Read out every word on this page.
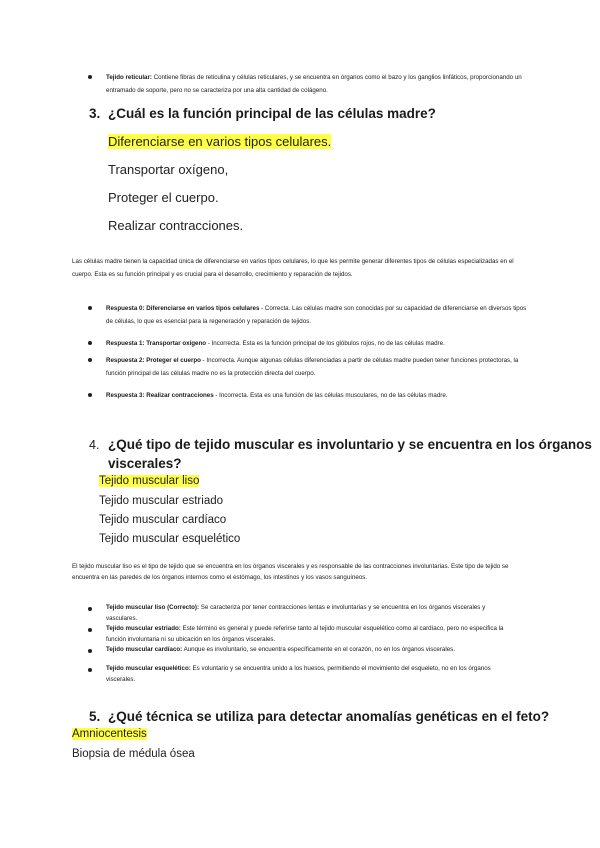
Tejido reticular: Contiene fibras de reticulina y células reticulares, y se encuentra en órganos como el bazo y los ganglios linfáticos, proporcionando un entramado de soporte, pero no se caracteriza por una alta cantidad de colágeno.
3. ¿Cuál es la función principal de las células madre?
Diferenciarse en varios tipos celulares.
Transportar oxígeno,
Proteger el cuerpo.
Realizar contracciones.
Las células madre tienen la capacidad única de diferenciarse en varios tipos celulares, lo que les permite generar diferentes tipos de células especializadas en el cuerpo. Esta es su función principal y es crucial para el desarrollo, crecimiento y reparación de tejidos.
Respuesta 0: Diferenciarse en varios tipos celulares - Correcta. Las células madre son conocidas por su capacidad de diferenciarse en diversos tipos de células, lo que es esencial para la regeneración y reparación de tejidos.
Respuesta 1: Transportar oxígeno - Incorrecta. Esta es la función principal de los glóbulos rojos, no de las células madre.
Respuesta 2: Proteger el cuerpo - Incorrecta. Aunque algunas células diferenciadas a partir de células madre pueden tener funciones protectoras, la función principal de las células madre no es la protección directa del cuerpo.
Respuesta 3: Realizar contracciones - Incorrecta. Esta es una función de las células musculares, no de las células madre.
4. ¿Qué tipo de tejido muscular es involuntario y se encuentra en los órganos
viscerales?
Tejido muscular liso
Tejido muscular estriado
Tejido muscular cardíaco
Tejido muscular esquelético
El tejido muscular liso es el tipo de tejido que se encuentra en los órganos viscerales y es responsable de las contracciones involuntarias. Este tipo de tejido se encuentra en las paredes de los órganos internos como el estómago, los intestinos y los vasos sanguíneos.
Tejido muscular liso (Correcto): Se caracteriza por tener contracciones lentas e involuntarias y se encuentra en los órganos viscerales y vasculares.
Tejido muscular estriado: Este término es general y puede referirse tanto al tejido muscular esquelético como al cardíaco, pero no especifica la función involuntaria ni su ubicación en los órganos viscerales.
Tejido muscular cardíaco: Aunque es involuntario, se encuentra específicamente en el corazón, no en los órganos viscerales.
Tejido muscular esquelético: Es voluntario y se encuentra unido a los huesos, permitiendo el movimiento del esqueleto, no en los órganos viscerales.
5. ¿Qué técnica se utiliza para detectar anomalías genéticas en el feto?
Amniocentesis
Biopsia de médula ósea
